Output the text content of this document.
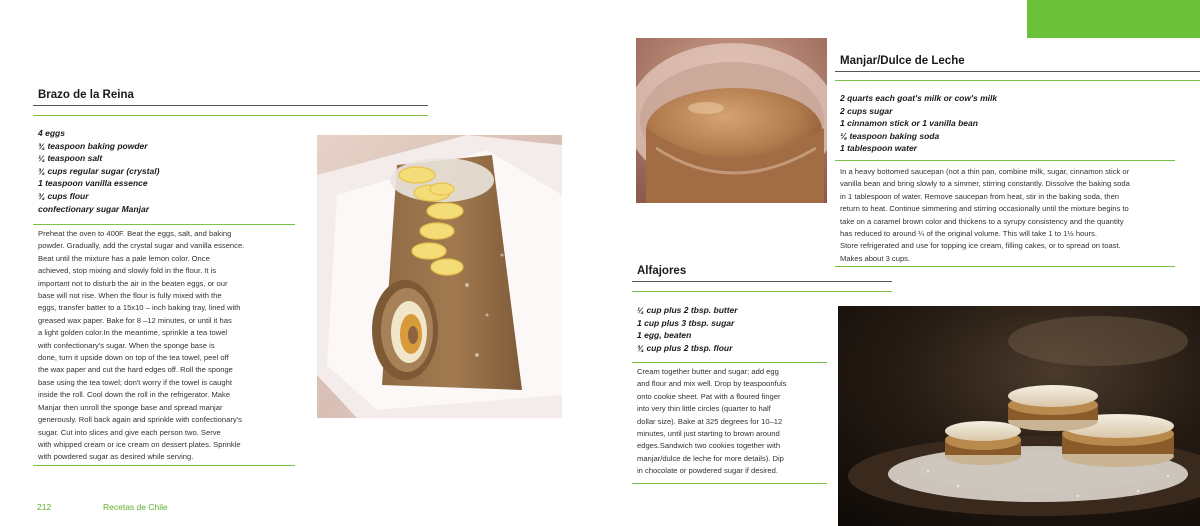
Brazo de la Reina
4 eggs
¾ teaspoon baking powder
¼ teaspoon salt
¾ cups regular sugar (crystal)
1 teaspoon vanilla essence
¾ cups flour
confectionary sugar Manjar
Preheat the oven to 400F. Beat the eggs, salt, and baking
powder. Gradually, add the crystal sugar and vanilla essence.
Beat until the mixture has a pale lemon color. Once
achieved, stop mixing and slowly fold in the flour. It is
important not to disturb the air in the beaten eggs, or our
base will not rise. When the flour is fully mixed with the
eggs, transfer batter to a 15x10 – inch baking tray, lined with
greased wax paper. Bake for 8 –12 minutes, or until it has
a light golden color.In the meantime, sprinkle a tea towel
with confectionary's sugar. When the sponge base is
done, turn it upside down on top of the tea towel, peel off
the wax paper and cut the hard edges off. Roll the sponge
base using the tea towel; don't worry if the towel is caught
inside the roll. Cool down the roll in the refrigerator. Make
Manjar then unroll the sponge base and spread manjar
generously. Roll back again and sprinkle with confectionary's
sugar. Cut into slices and give each person two. Serve
with whipped cream or ice cream on dessert plates. Sprinkle
with powdered sugar as desired while serving.
212	Recetas de Chile
Manjar/Dulce de Leche
2 quarts each goat's milk or cow's milk
2 cups sugar
1 cinnamon stick or 1 vanilla bean
⅛ teaspoon baking soda
1 tablespoon water
In a heavy bottomed saucepan (not a thin pan, combine milk, sugar, cinnamon stick or
vanilla bean and bring slowly to a simmer, stirring constantly. Dissolve the baking soda
in 1 tablespoon of water. Remove saucepan from heat, stir in the baking soda, then
return to heat. Continue simmering and stirring occasionally until the mixture begins to
take on a caramel brown color and thickens to a syrupy consistency and the quantity
has reduced to around ¼ of the original volume. This will take 1 to 1½ hours.
Store refrigerated and use for topping ice cream, filling cakes, or to spread on toast.
Makes about 3 cups.
Alfajores
¼ cup plus 2 tbsp. butter
1 cup plus 3 tbsp. sugar
1 egg, beaten
¾ cup plus 2 tbsp. flour
Cream together butter and sugar; add egg
and flour and mix well. Drop by teaspoonfuls
onto cookie sheet. Pat with a floured finger
into very thin little circles (quarter to half
dollar size). Bake at 325 degrees for 10–12
minutes, until just starting to brown around
edges.Sandwich two cookies together with
manjar/dulce de leche for more details). Dip
in chocolate or powdered sugar if desired.
